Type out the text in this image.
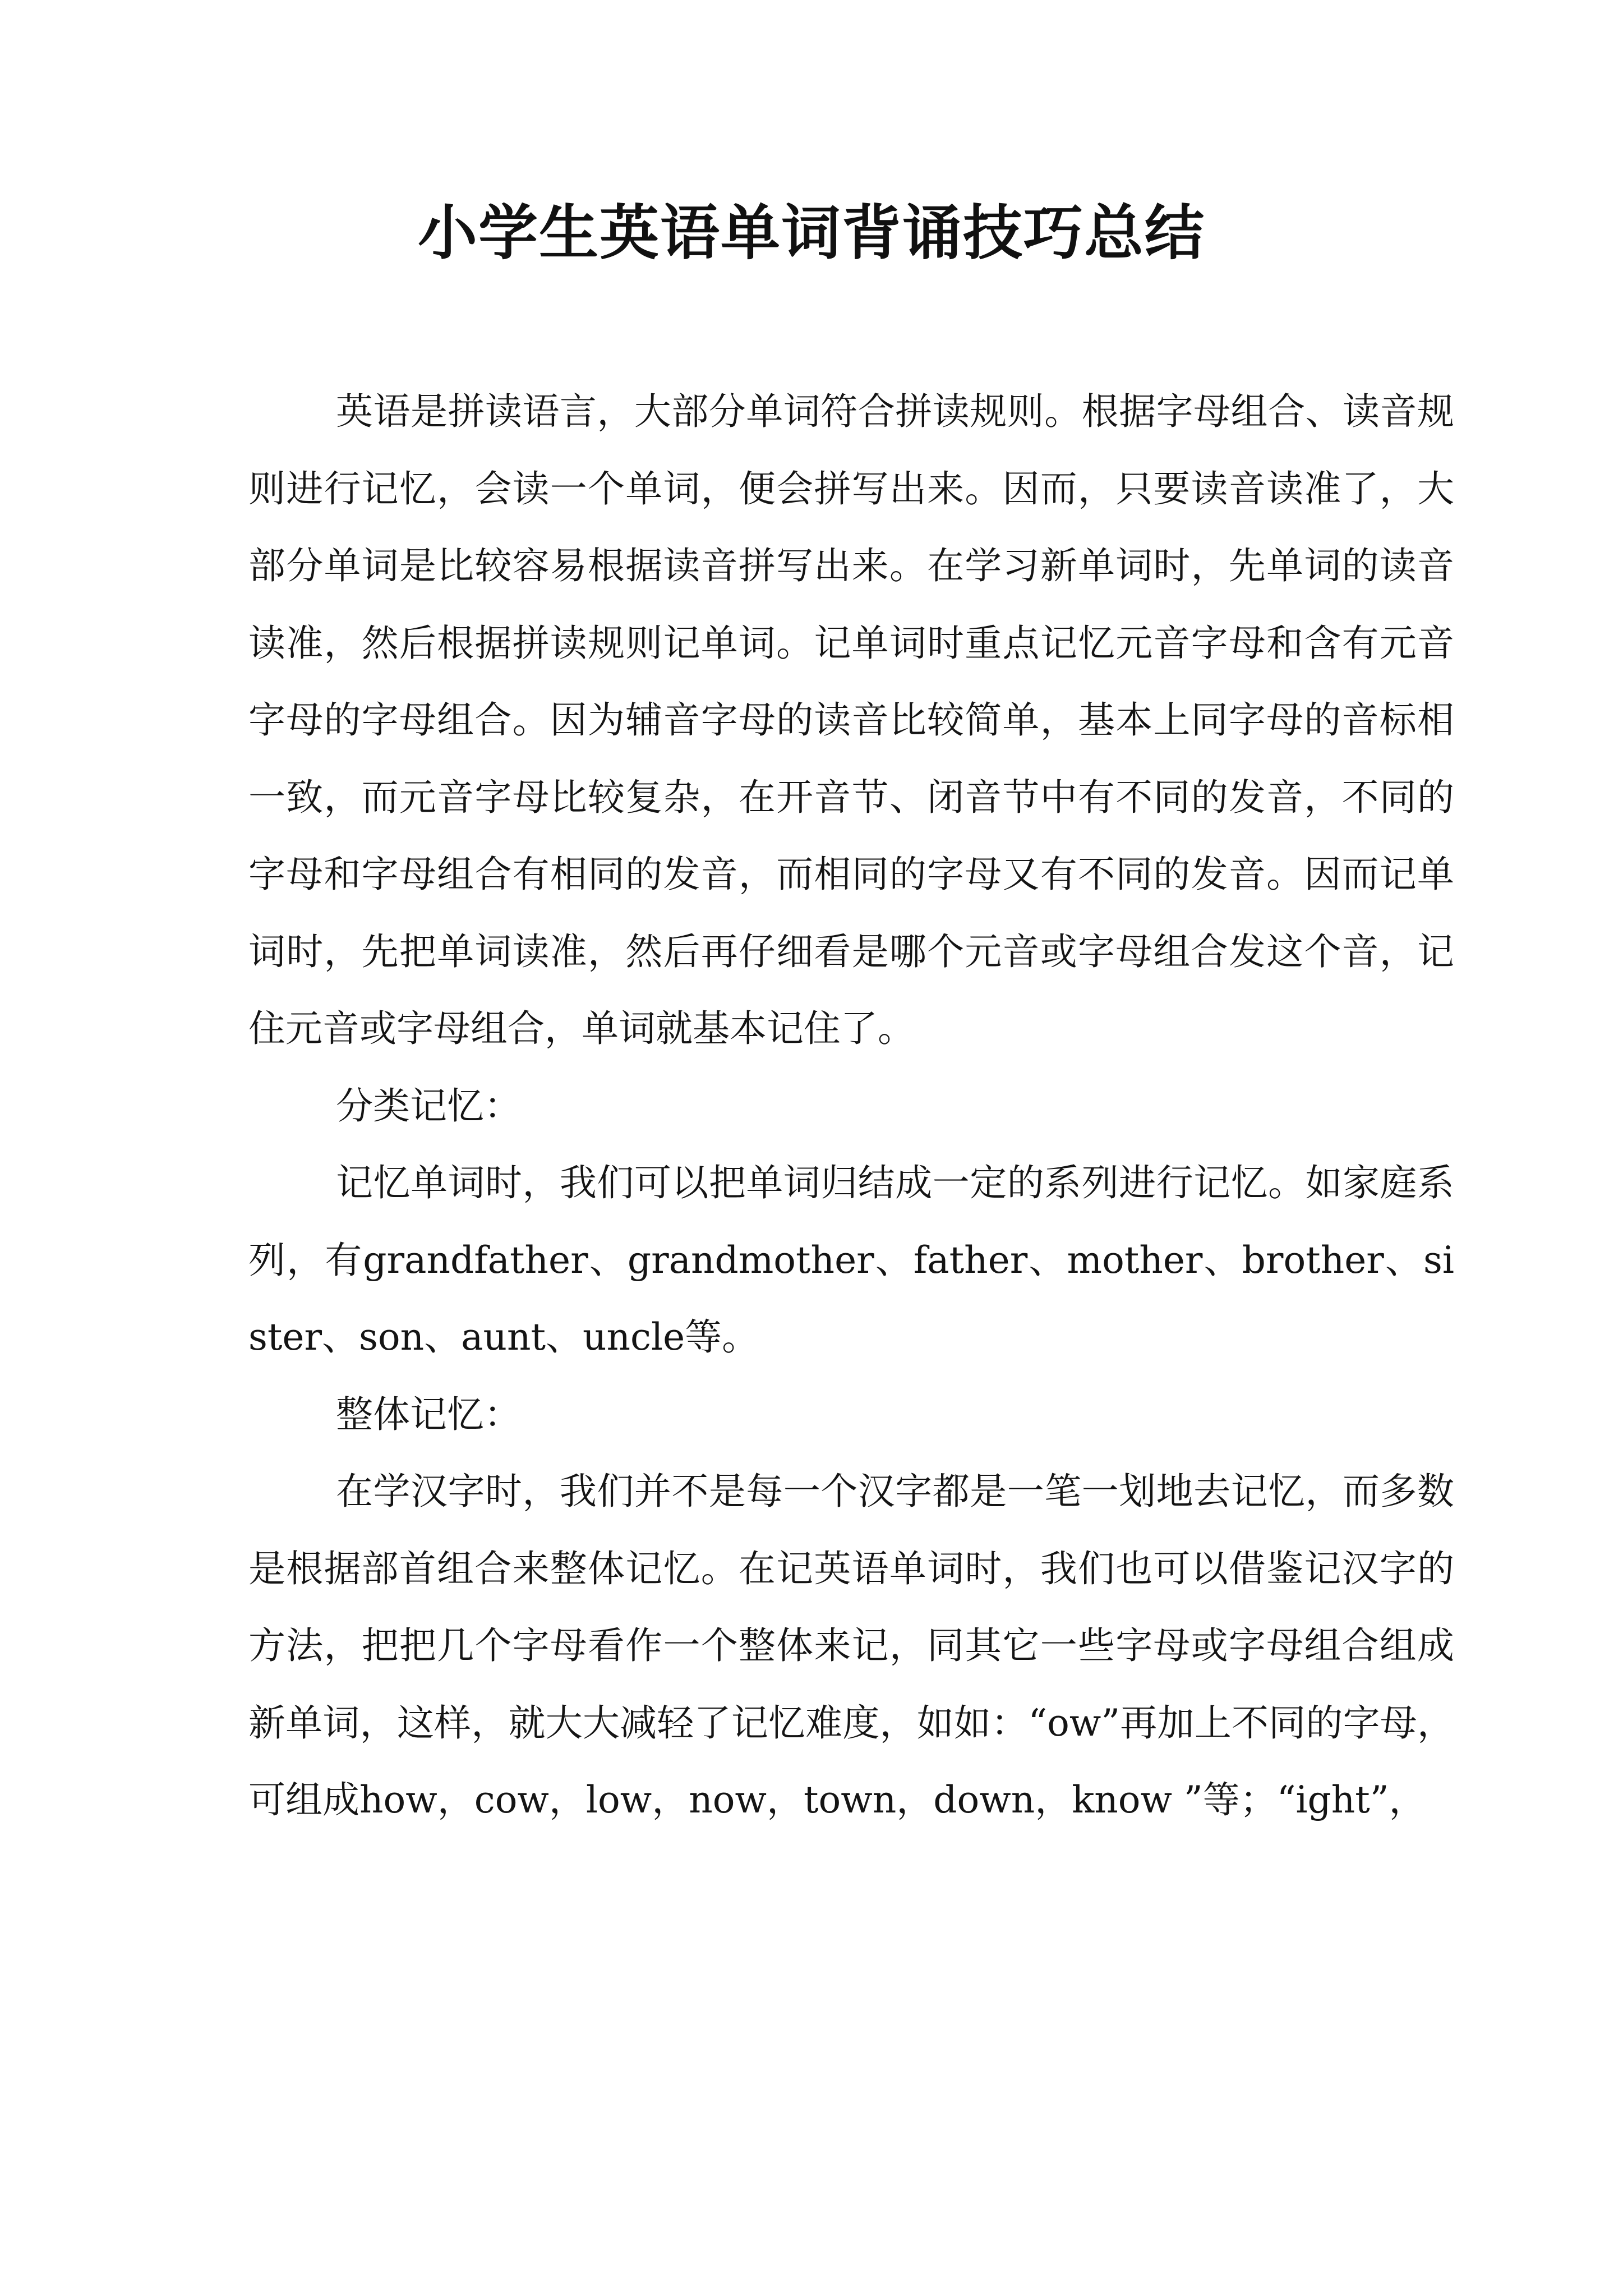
小学生英语单词背诵技巧总结

英语是拼读语言，大部分单词符合拼读规则。根据字母组合、读音规则进行记忆，会读一个单词，便会拼写出来。因而，只要读音读准了，大部分单词是比较容易根据读音拼写出来。在学习新单词时，先单词的读音读准，然后根据拼读规则记单词。记单词时重点记忆元音字母和含有元音字母的字母组合。因为辅音字母的读音比较简单，基本上同字母的音标相一致，而元音字母比较复杂，在开音节、闭音节中有不同的发音，不同的字母和字母组合有相同的发音，而相同的字母又有不同的发音。因而记单词时，先把单词读准，然后再仔细看是哪个元音或字母组合发这个音，记住元音或字母组合，单词就基本记住了。

分类记忆：

记忆单词时，我们可以把单词归结成一定的系列进行记忆。如家庭系列，有grandfather、grandmother、father、mother、brother、sister、son、aunt、uncle等。

整体记忆：

在学汉字时，我们并不是每一个汉字都是一笔一划地去记忆，而多数是根据部首组合来整体记忆。在记英语单词时，我们也可以借鉴记汉字的方法，把把几个字母看作一个整体来记，同其它一些字母或字母组合组成新单词，这样，就大大减轻了记忆难度，如如：“ow”再加上不同的字母，可组成how，cow，low，now，town，down，know ”等；“ight”，
